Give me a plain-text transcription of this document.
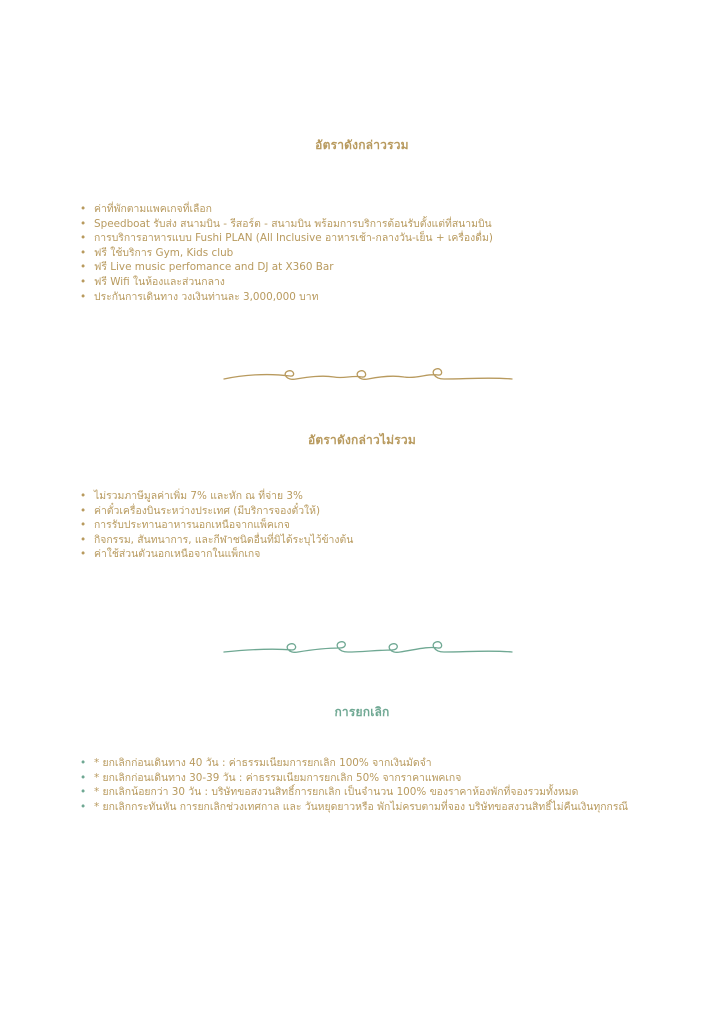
อัตราดังกล่าวรวม
• ค่าที่พักตามแพคเกจที่เลือก
• Speedboat รับส่ง สนามบิน - รีสอร์ต - สนามบิน พร้อมการบริการต้อนรับตั้งแต่ที่สนามบิน
• การบริการอาหารแบบ Fushi PLAN (All Inclusive อาหารเช้า-กลางวัน-เย็น + เครื่องดื่ม)
• ฟรี ใช้บริการ Gym, Kids club
• ฟรี Live music perfomance and DJ at X360 Bar
• ฟรี Wifi ในห้องและส่วนกลาง
• ประกันการเดินทาง วงเงินท่านละ 3,000,000 บาท
อัตราดังกล่าวไม่รวม
• ไม่รวมภาษีมูลค่าเพิ่ม 7% และหัก ณ ที่จ่าย 3%
• ค่าตั๋วเครื่องบินระหว่างประเทศ (มีบริการจองตั๋วให้)
• การรับประทานอาหารนอกเหนือจากแพ็คเกจ
• กิจกรรม, สันทนาการ, และกีฬาชนิดอื่นที่มิได้ระบุไว้ข้างต้น
• ค่าใช้ส่วนตัวนอกเหนือจากในแพ็กเกจ
การยกเลิก
• * ยกเลิกก่อนเดินทาง 40 วัน : ค่าธรรมเนียมการยกเลิก 100% จากเงินมัดจำ
• * ยกเลิกก่อนเดินทาง 30-39 วัน : ค่าธรรมเนียมการยกเลิก 50% จากราคาแพคเกจ
• * ยกเลิกน้อยกว่า 30 วัน : บริษัทขอสงวนสิทธิ์การยกเลิก เป็นจำนวน 100% ของราคาห้องพักที่จองรวมทั้งหมด
• * ยกเลิกกระทันหัน การยกเลิกช่วงเทศกาล และ วันหยุดยาวหรือ พักไม่ครบตามที่จอง บริษัทขอสงวนสิทธิ์ไม่คืนเงินทุกกรณี
